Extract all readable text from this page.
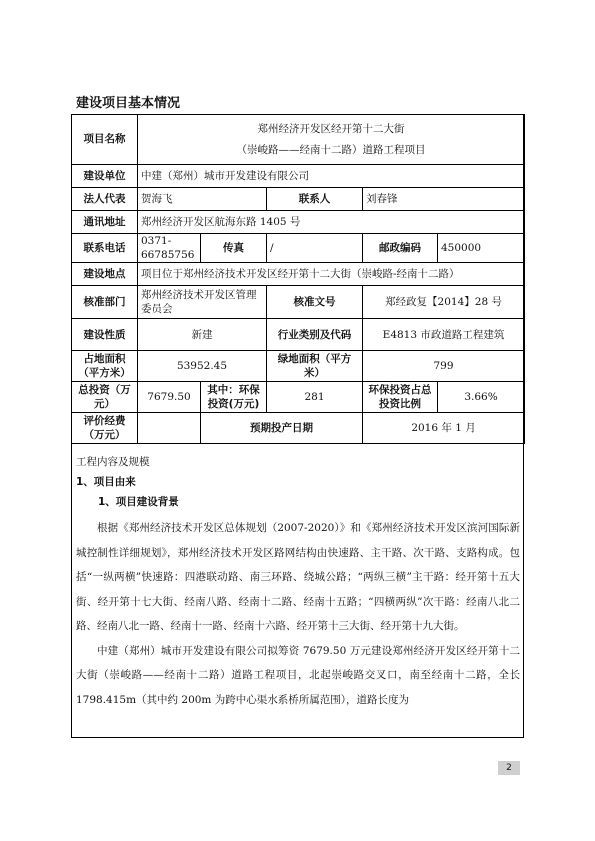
建设项目基本情况
项目名称	郑州经济开发区经开第十二大街
（崇峻路——经南十二路）道路工程项目				

建设单位	中建（郑州）城市开发建设有限公司				
法人代表	贺海飞		联系人	刘春锋	
通讯地址	郑州经济开发区航海东路 1405 号				
联系电话	0371-66785756	传真	/	邮政编码	450000
建设地点	项目位于郑州经济技术开发区经开第十二大街（崇峻路-经南十二路）				
核准部门	郑州经济技术开发区管理委员会		核准文号	郑经政复【2014】28 号	
建设性质	新建		行业类别及代码	E4813 市政道路工程建筑	
占地面积（平方米）	53952.45		绿地面积（平方米）	799	
总投资（万元）	7679.50	其中：环保投资(万元)	281	环保投资占总投资比例	3.66%
评价经费（万元）		预期投产日期		2016 年 1 月	
工程内容及规模
1、项目由来
1、项目建设背景
根据《郑州经济技术开发区总体规划（2007-2020）》和《郑州经济技术开发区滨河国际新城控制性详细规划》，郑州经济技术开发区路网结构由快速路、主干路、次干路、支路构成。包括“一纵两横”快速路：四港联动路、南三环路、绕城公路；“两纵三横”主干路：经开第十五大街、经开第十七大街、经南八路、经南十二路、经南十五路；“四横两纵”次干路：经南八北二路、经南八北一路、经南十一路、经南十六路、经开第十三大街、经开第十九大街。
中建（郑州）城市开发建设有限公司拟筹资 7679.50 万元建设郑州经济开发区经开第十二大街（崇峻路——经南十二路）道路工程项目，北起崇峻路交叉口，南至经南十二路，全长 1798.415m（其中约 200m 为跨中心渠水系桥所属范围），道路长度为
2
